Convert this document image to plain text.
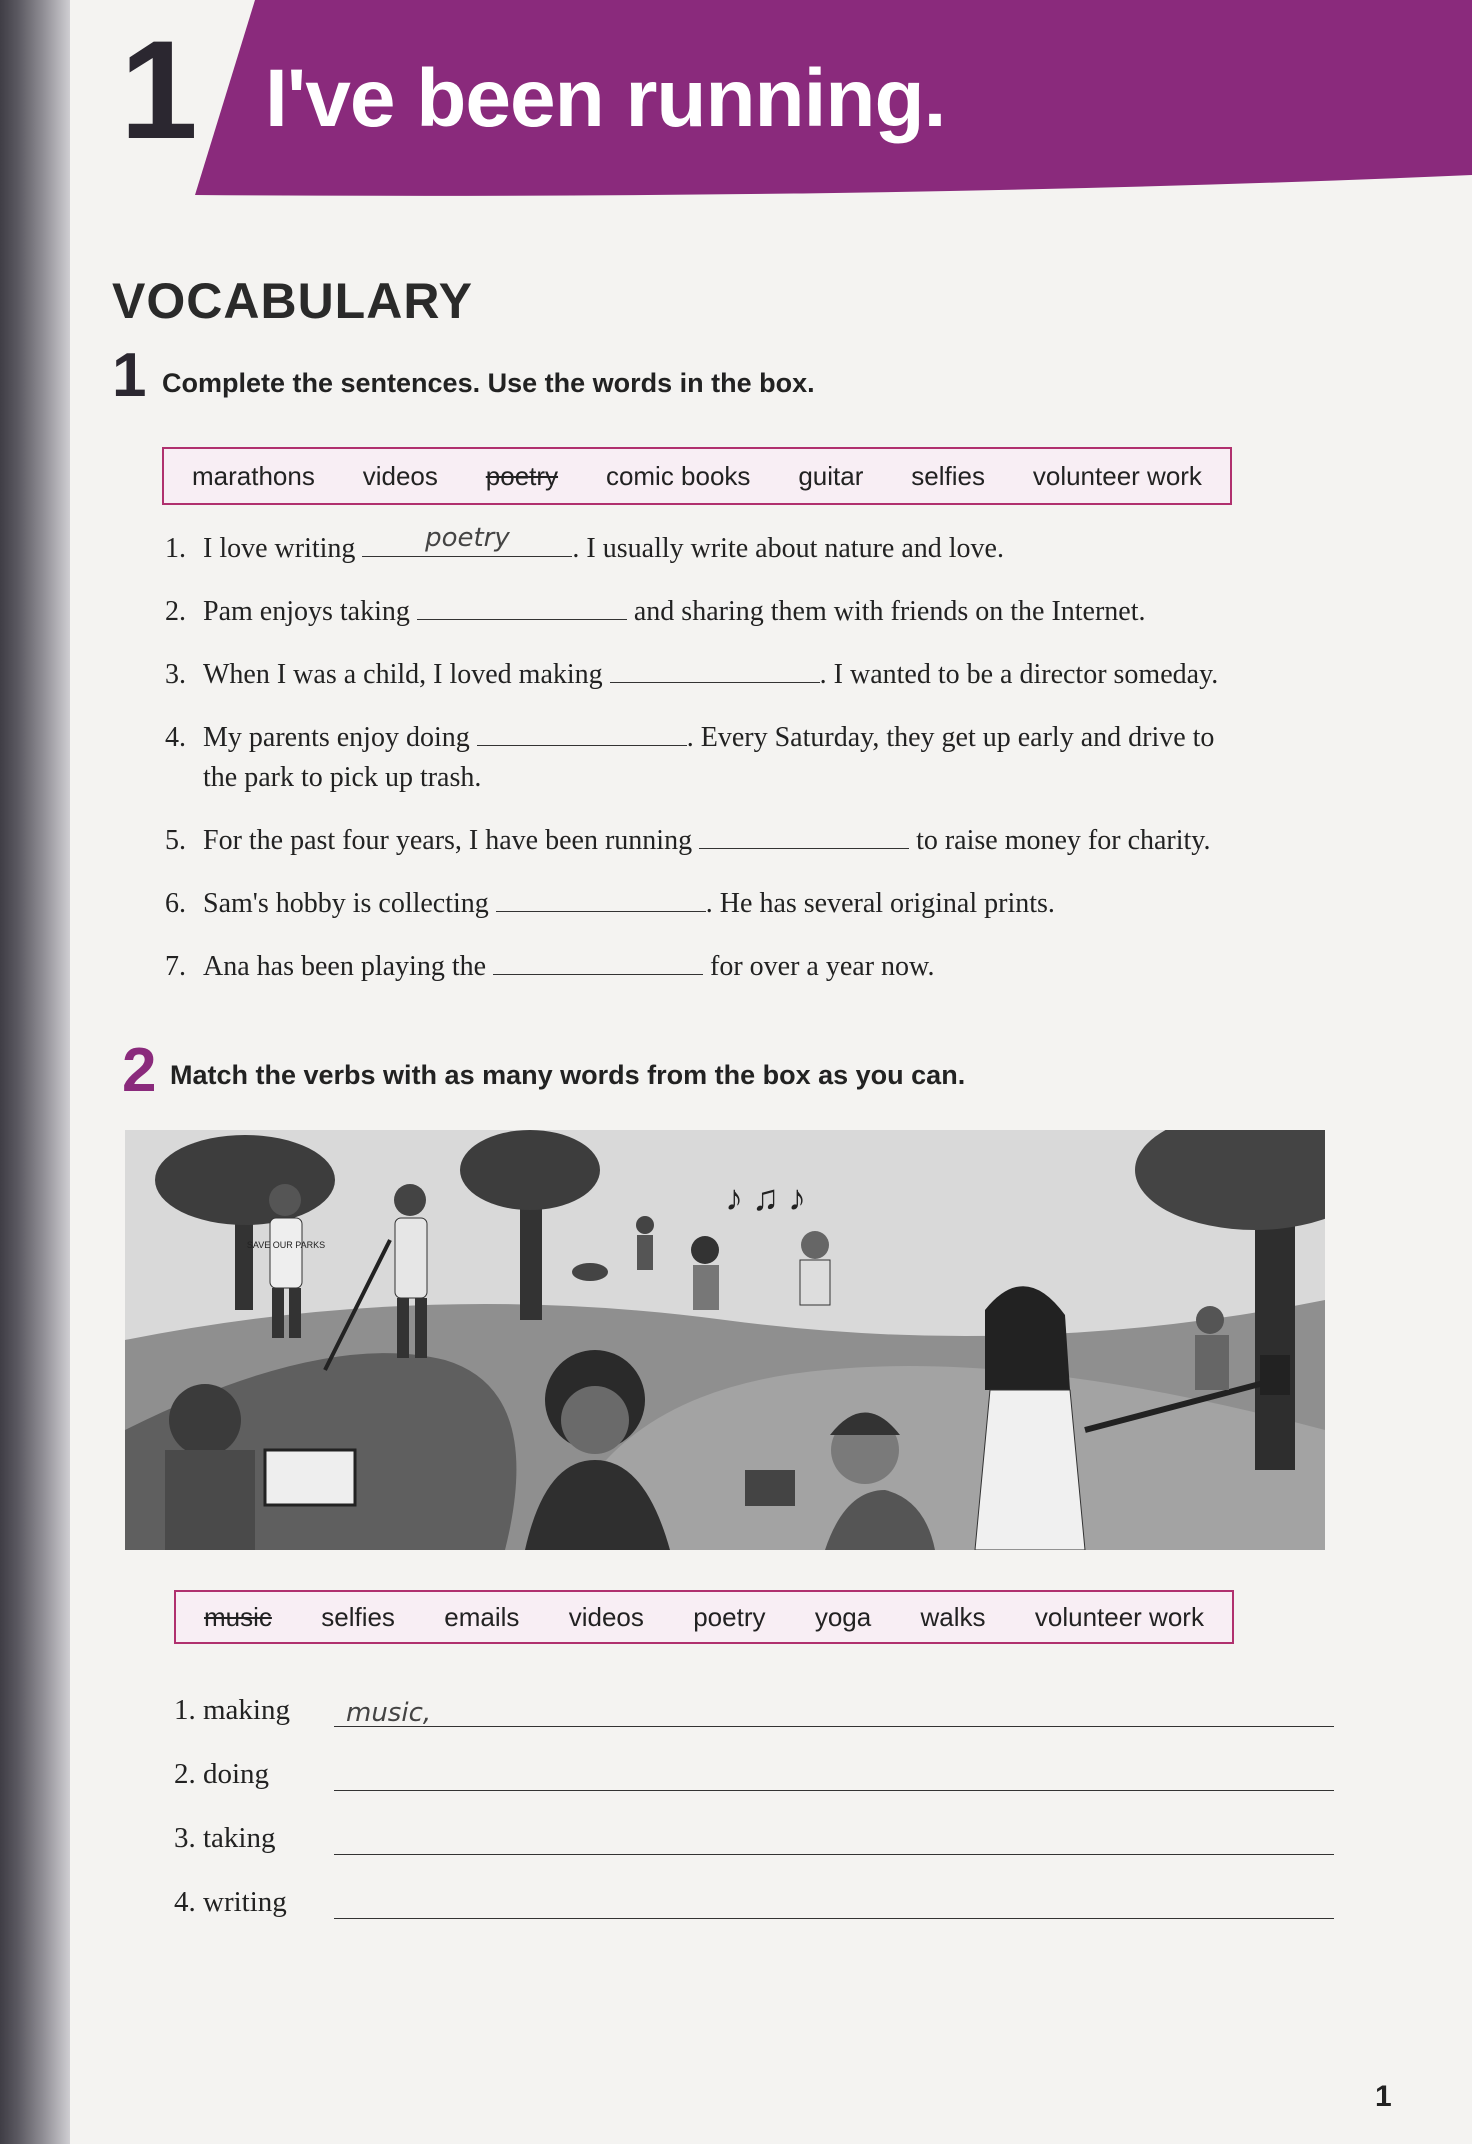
1 I've been running.
VOCABULARY
1 Complete the sentences. Use the words in the box.
marathons videos poetry comic books guitar selfies volunteer work
1. I love writing	poetry	. I usually write about nature and love.
2. Pam enjoys taking	and sharing them with friends on the Internet.
3. When I was a child, I loved making	. I wanted to be a director someday.
4. My parents enjoy doing	. Every Saturday, they get up early and drive to
the park to pick up trash.
5. For the past four years, I have been running	to raise money for charity.
6. Sam's hobby is collecting	. He has several original prints.
7. Ana has been playing the	for over a year now.
2 Match the verbs with as many words from the box as you can.
SAVE OUR PARKS
♪ ♫ ♪
music selfies emails videos poetry yoga walks volunteer work
1. making	music,
2. doing
3. taking
4. writing
1
